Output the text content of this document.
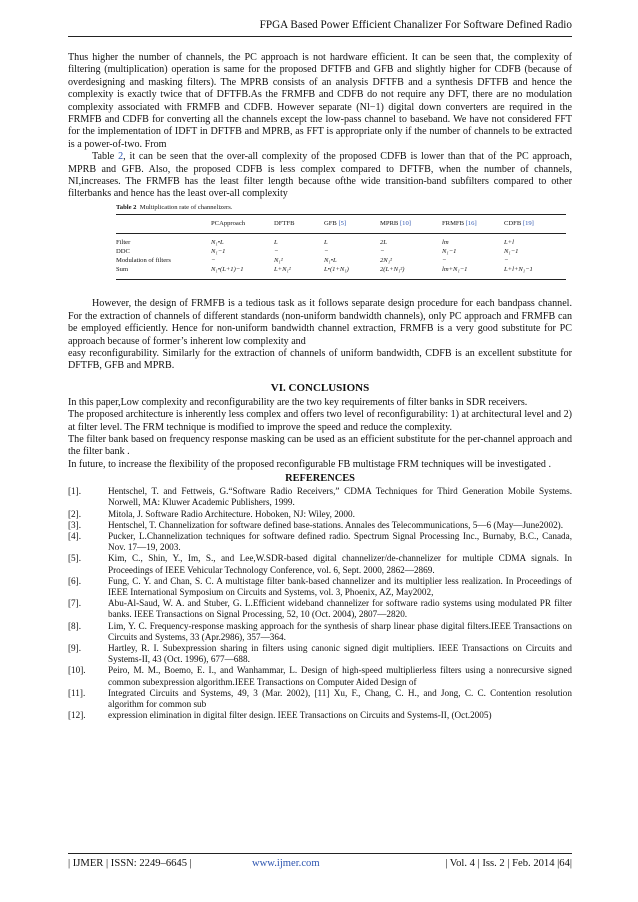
FPGA Based Power Efficient Chanalizer For Software Defined Radio

Thus higher the number of channels, the PC approach is not hardware efficient. It can be seen that, the complexity of filtering (multiplication) operation is same for the proposed DFTFB and GFB and slightly higher for CDFB (because of overdesigning and masking filters). The MPRB consists of an analysis DFTFB and a synthesis DFTFB and hence the complexity is exactly twice that of DFTFB.As the FRMFB and CDFB do not require any DFT, there are no modulation complexity associated with FRMFB and CDFB. However separate (Nl−1) digital down converters are required in the FRMFB and CDFB for converting all the channels except the low-pass channel to baseband. We have not considered FFT for the implementation of IDFT in DFTFB and MPRB, as FFT is appropriate only if the number of channels to be extracted is a power-of-two. From

Table 2, it can be seen that the over-all complexity of the proposed CDFB is lower than that of the PC approach, MPRB and GFB. Also, the proposed CDFB is less complex compared to DFTFB, when the number of channels, NI,increases. The FRMFB has the least filter length because ofthe wide transition-band subfilters compared to other filterbanks and hence has the least over-all complexity

Table 2 Multiplication rate of channelizers.
	PCApproach	DFTFB	GFB [5]	MPRB [10]	FRMFB [16]	CDFB [19]
Filter	N₁•L	L	L	2L	lm	L+l
DDC	N₁−1	−	−	−	N₁−1	N₁−1
Modulation of filters	−	N₁²	N₁•L	2N₁²	−	−
Sum	N₁•(L+1)−1	L+N₁²	L•(1+N₁)	2(L+N₁²)	lm+N₁−1	L+l+N₁−1

However, the design of FRMFB is a tedious task as it follows separate design procedure for each bandpass channel. For the extraction of channels of different standards (non-uniform bandwidth channels), only PC approach and FRMFB can be employed efficiently. Hence for non-uniform bandwidth channel extraction, FRMFB is a very good substitute for PC approach because of former’s inherent low complexity and

easy reconfigurability. Similarly for the extraction of channels of uniform bandwidth, CDFB is an excellent substitute for DFTFB, GFB and MPRB.

VI. CONCLUSIONS

In this paper,Low complexity and reconfigurability are the two key requirements of filter banks in SDR receivers.

The proposed architecture is inherently less complex and offers two level of reconfigurability: 1) at architectural level and 2) at filter level. The FRM technique is modified to improve the speed and reduce the complexity.

The filter bank based on frequency response masking can be used as an efficient substitute for the per-channel approach and the filter bank .

In future, to increase the flexibility of the proposed reconfigurable FB multistage FRM techniques will be investigated .

REFERENCES
[1].	Hentschel, T. and Fettweis, G.“Software Radio Receivers,” CDMA Techniques for Third Generation Mobile Systems. Norwell, MA: Kluwer Academic Publishers, 1999.
[2].	Mitola, J. Software Radio Architecture. Hoboken, NJ: Wiley, 2000.
[3].	Hentschel, T. Channelization for software defined base-stations. Annales des Telecommunications, 5—6 (May—June2002).
[4].	Pucker, L.Channelization techniques for software defined radio. Spectrum Signal Processing Inc., Burnaby, B.C., Canada, Nov. 17—19, 2003.
[5].	Kim, C., Shin, Y., Im, S., and Lee,W.SDR-based digital channelizer/de-channelizer for multiple CDMA signals. In Proceedings of IEEE Vehicular Technology Conference, vol. 6, Sept. 2000, 2862—2869.
[6].	Fung, C. Y. and Chan, S. C. A multistage filter bank-based channelizer and its multiplier less realization. In Proceedings of IEEE International Symposium on Circuits and Systems, vol. 3, Phoenix, AZ, May2002,
[7].	Abu-Al-Saud, W. A. and Stuber, G. L.Efficient wideband channelizer for software radio systems using modulated PR filter banks. IEEE Transactions on Signal Processing, 52, 10 (Oct. 2004), 2807—2820.
[8].	Lim, Y. C. Frequency-response masking approach for the synthesis of sharp linear phase digital filters.IEEE Transactions on Circuits and Systems, 33 (Apr.2986), 357—364.
[9].	Hartley, R. I. Subexpression sharing in filters using canonic signed digit multipliers. IEEE Transactions on Circuits and Systems-II, 43 (Oct. 1996), 677—688.
[10].	Peiro, M. M., Boemo, E. I., and Wanhammar, L. Design of high-speed multiplierless filters using a nonrecursive signed common subexpression algorithm.IEEE Transactions on Computer Aided Design of
[11].	Integrated Circuits and Systems, 49, 3 (Mar. 2002), [11] Xu, F., Chang, C. H., and Jong, C. C. Contention resolution algorithm for common sub
[12].	expression elimination in digital filter design. IEEE Transactions on Circuits and Systems-II, (Oct.2005)
| IJMER | ISSN: 2249–6645 |	www.ijmer.com	| Vol. 4 | Iss. 2 | Feb. 2014 |64|
